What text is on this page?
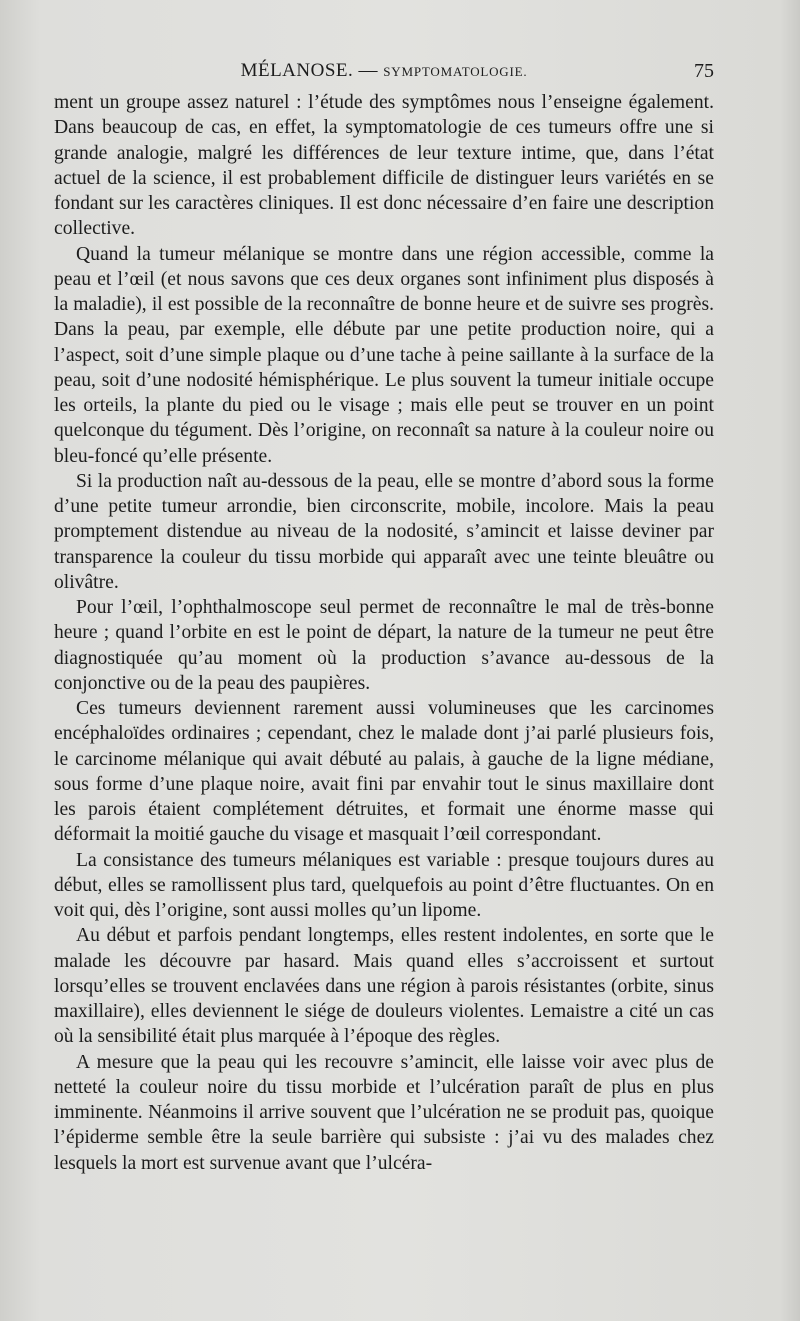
MÉLANOSE. — SYMPTOMATOLOGIE.	75

ment un groupe assez naturel : l’étude des symptômes nous l’enseigne également. Dans beaucoup de cas, en effet, la symptomatologie de ces tumeurs offre une si grande analogie, malgré les différences de leur texture intime, que, dans l’état actuel de la science, il est probablement difficile de distinguer leurs variétés en se fondant sur les caractères cliniques. Il est donc nécessaire d’en faire une description collective.

Quand la tumeur mélanique se montre dans une région accessible, comme la peau et l’œil (et nous savons que ces deux organes sont infiniment plus disposés à la maladie), il est possible de la reconnaître de bonne heure et de suivre ses progrès. Dans la peau, par exemple, elle débute par une petite production noire, qui a l’aspect, soit d’une simple plaque ou d’une tache à peine saillante à la surface de la peau, soit d’une nodosité hémisphérique. Le plus souvent la tumeur initiale occupe les orteils, la plante du pied ou le visage ; mais elle peut se trouver en un point quelconque du tégument. Dès l’origine, on reconnaît sa nature à la couleur noire ou bleu-foncé qu’elle présente.

Si la production naît au-dessous de la peau, elle se montre d’abord sous la forme d’une petite tumeur arrondie, bien circonscrite, mobile, incolore. Mais la peau promptement distendue au niveau de la nodosité, s’amincit et laisse deviner par transparence la couleur du tissu morbide qui apparaît avec une teinte bleuâtre ou olivâtre.

Pour l’œil, l’ophthalmoscope seul permet de reconnaître le mal de très-bonne heure ; quand l’orbite en est le point de départ, la nature de la tumeur ne peut être diagnostiquée qu’au moment où la production s’avance au-dessous de la conjonctive ou de la peau des paupières.

Ces tumeurs deviennent rarement aussi volumineuses que les carcinomes encéphaloïdes ordinaires ; cependant, chez le malade dont j’ai parlé plusieurs fois, le carcinome mélanique qui avait débuté au palais, à gauche de la ligne médiane, sous forme d’une plaque noire, avait fini par envahir tout le sinus maxillaire dont les parois étaient complétement détruites, et formait une énorme masse qui déformait la moitié gauche du visage et masquait l’œil correspondant.

La consistance des tumeurs mélaniques est variable : presque toujours dures au début, elles se ramollissent plus tard, quelquefois au point d’être fluctuantes. On en voit qui, dès l’origine, sont aussi molles qu’un lipome.

Au début et parfois pendant longtemps, elles restent indolentes, en sorte que le malade les découvre par hasard. Mais quand elles s’accroissent et surtout lorsqu’elles se trouvent enclavées dans une région à parois résistantes (orbite, sinus maxillaire), elles deviennent le siége de douleurs violentes. Lemaistre a cité un cas où la sensibilité était plus marquée à l’époque des règles.

A mesure que la peau qui les recouvre s’amincit, elle laisse voir avec plus de netteté la couleur noire du tissu morbide et l’ulcération paraît de plus en plus imminente. Néanmoins il arrive souvent que l’ulcération ne se produit pas, quoique l’épiderme semble être la seule barrière qui subsiste : j’ai vu des malades chez lesquels la mort est survenue avant que l’ulcéra-
